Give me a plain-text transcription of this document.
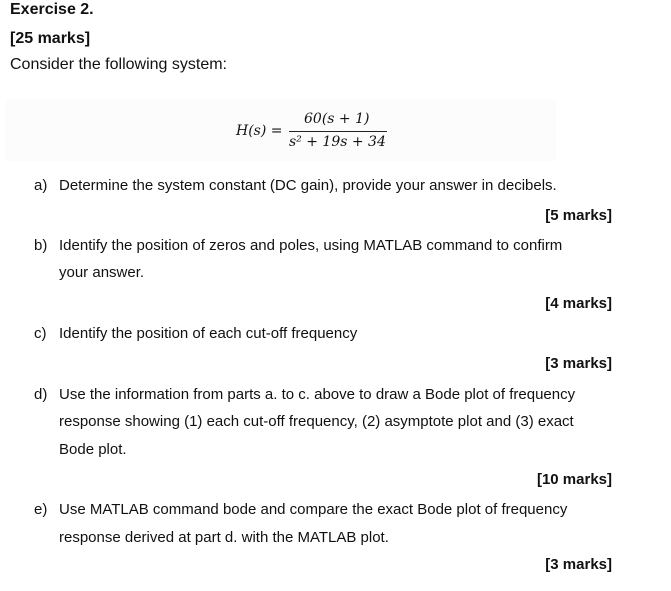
Exercise 2.
[25 marks]
Consider the following system:
H(s) =
60(s + 1)
s² + 19s + 34
a) Determine the system constant (DC gain), provide your answer in decibels.
[5 marks]
b) Identify the position of zeros and poles, using MATLAB command to confirm
your answer.
[4 marks]
c) Identify the position of each cut-off frequency
[3 marks]
d) Use the information from parts a. to c. above to draw a Bode plot of frequency
response showing (1) each cut-off frequency, (2) asymptote plot and (3) exact
Bode plot.
[10 marks]
e) Use MATLAB command bode and compare the exact Bode plot of frequency
response derived at part d. with the MATLAB plot.
[3 marks]
